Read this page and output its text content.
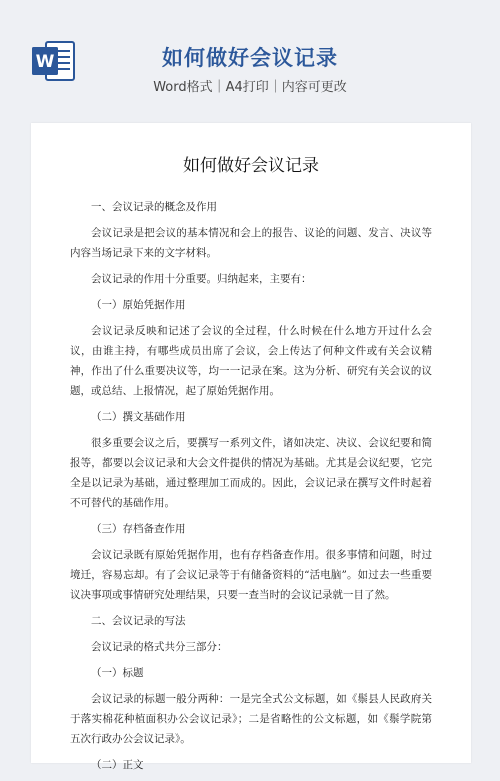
W	如何做好会议记录
Word格式｜A4打印｜内容可更改
如何做好会议记录

一、会议记录的概念及作用

会议记录是把会议的基本情况和会上的报告、议论的问题、发言、决议等内容当场记录下来的文字材料。

会议记录的作用十分重要。归纳起来，主要有：

（一）原始凭据作用

会议记录反映和记述了会议的全过程，什么时候在什么地方开过什么会议，由谁主持，有哪些成员出席了会议，会上传达了何种文件或有关会议精神，作出了什么重要决议等，均一一记录在案。这为分析、研究有关会议的议题，或总结、上报情况，起了原始凭据作用。

（二）撰文基础作用

很多重要会议之后，要撰写一系列文件，诸如决定、决议、会议纪要和简报等，都要以会议记录和大会文件提供的情况为基础。尤其是会议纪要，它完全是以记录为基础，通过整理加工而成的。因此，会议记录在撰写文件时起着不可替代的基础作用。

（三）存档备查作用

会议记录既有原始凭据作用，也有存档备查作用。很多事情和问题，时过境迁，容易忘却。有了会议记录等于有储备资料的“活电脑”。如过去一些重要议决事项或事情研究处理结果，只要一查当时的会议记录就一目了然。

二、会议记录的写法

会议记录的格式共分三部分：

（一）标题

会议记录的标题一般分两种：一是完全式公文标题，如《鬃县人民政府关于落实棉花种植面积办公会议记录》；二是省略性的公文标题，如《鬃学院第五次行政办公会议记录》。

（二）正文
